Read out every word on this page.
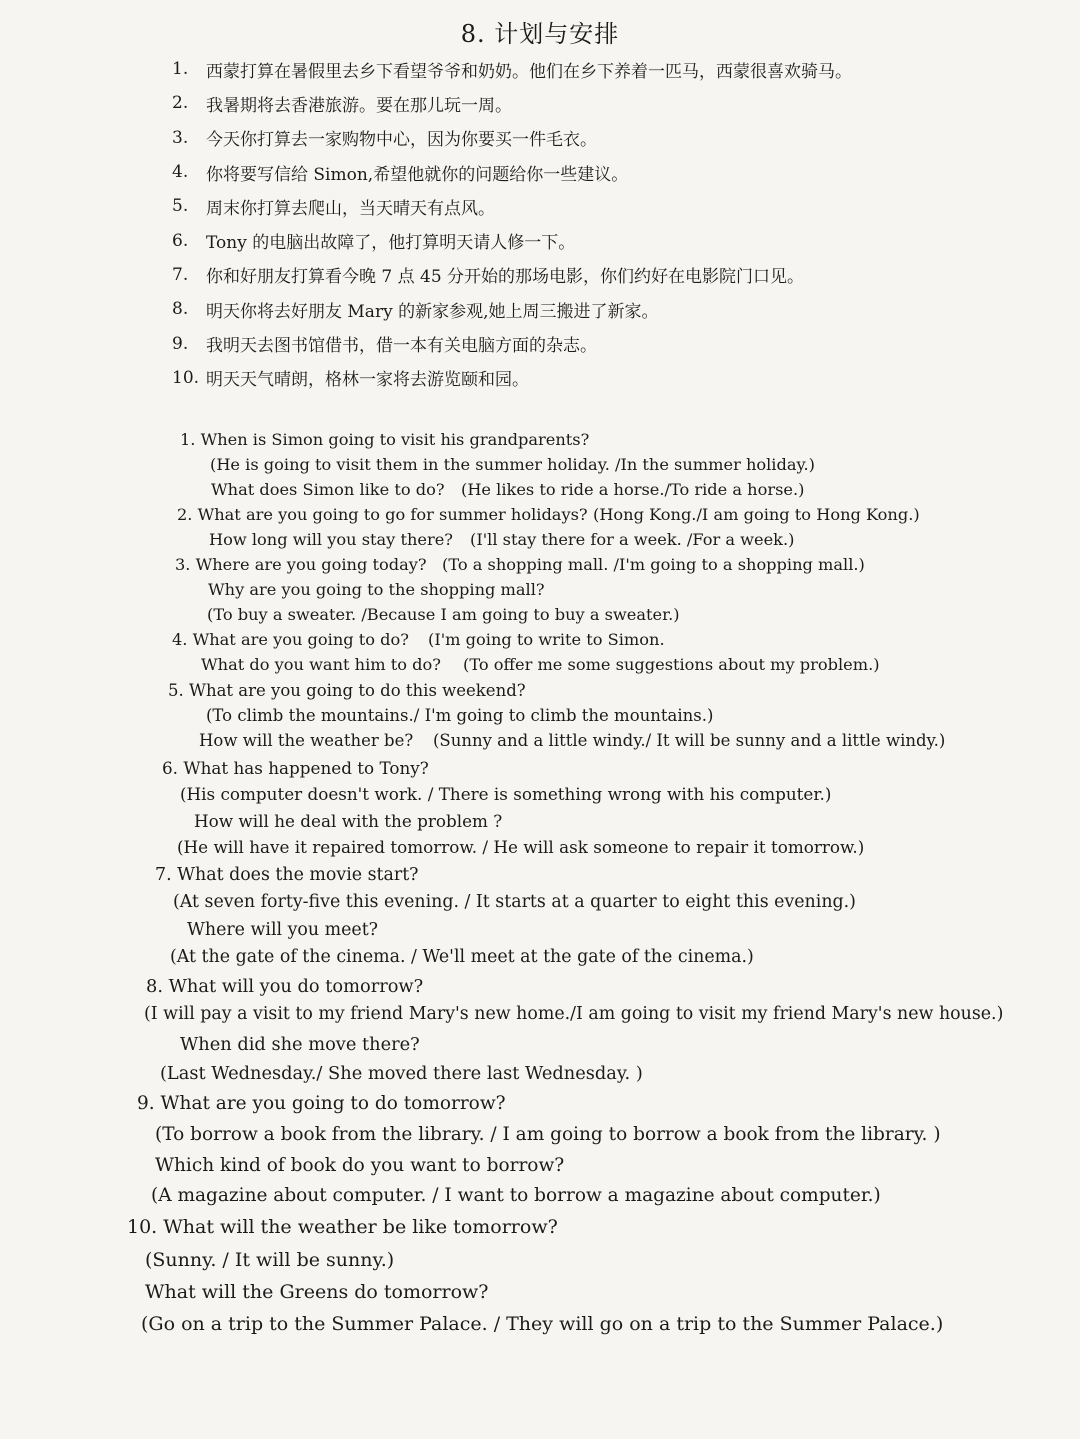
8. 计划与安排
1.	西蒙打算在暑假里去乡下看望爷爷和奶奶。他们在乡下养着一匹马，西蒙很喜欢骑马。
2.	我暑期将去香港旅游。要在那儿玩一周。
3.	今天你打算去一家购物中心，因为你要买一件毛衣。
4.	你将要写信给 Simon,希望他就你的问题给你一些建议。
5.	周末你打算去爬山，当天晴天有点风。
6.	Tony 的电脑出故障了，他打算明天请人修一下。
7.	你和好朋友打算看今晚 7 点 45 分开始的那场电影，你们约好在电影院门口见。
8.	明天你将去好朋友 Mary 的新家参观,她上周三搬进了新家。
9.	我明天去图书馆借书，借一本有关电脑方面的杂志。
10. 明天天气晴朗，格林一家将去游览颐和园。
1. When is Simon going to visit his grandparents?
(He is going to visit them in the summer holiday. /In the summer holiday.)
What does Simon like to do? (He likes to ride a horse./To ride a horse.)
2. What are you going to go for summer holidays? (Hong Kong./I am going to Hong Kong.)
How long will you stay there? (I'll stay there for a week. /For a week.)
3. Where are you going today? (To a shopping mall. /I'm going to a shopping mall.)
Why are you going to the shopping mall?
(To buy a sweater. /Because I am going to buy a sweater.)
4. What are you going to do? (I'm going to write to Simon.
What do you want him to do? (To offer me some suggestions about my problem.)
5. What are you going to do this weekend?
(To climb the mountains./ I'm going to climb the mountains.)
How will the weather be? (Sunny and a little windy./ It will be sunny and a little windy.)
6. What has happened to Tony?
(His computer doesn't work. / There is something wrong with his computer.)
How will he deal with the problem ?
(He will have it repaired tomorrow. / He will ask someone to repair it tomorrow.)
7. What does the movie start?
(At seven forty-five this evening. / It starts at a quarter to eight this evening.)
Where will you meet?
(At the gate of the cinema. / We'll meet at the gate of the cinema.)
8. What will you do tomorrow?
(I will pay a visit to my friend Mary's new home./I am going to visit my friend Mary's new house.)
When did she move there?
(Last Wednesday./ She moved there last Wednesday. )
9. What are you going to do tomorrow?
(To borrow a book from the library. / I am going to borrow a book from the library. )
Which kind of book do you want to borrow?
(A magazine about computer. / I want to borrow a magazine about computer.)
10. What will the weather be like tomorrow?
(Sunny. / It will be sunny.)
What will the Greens do tomorrow?
(Go on a trip to the Summer Palace. / They will go on a trip to the Summer Palace.)
